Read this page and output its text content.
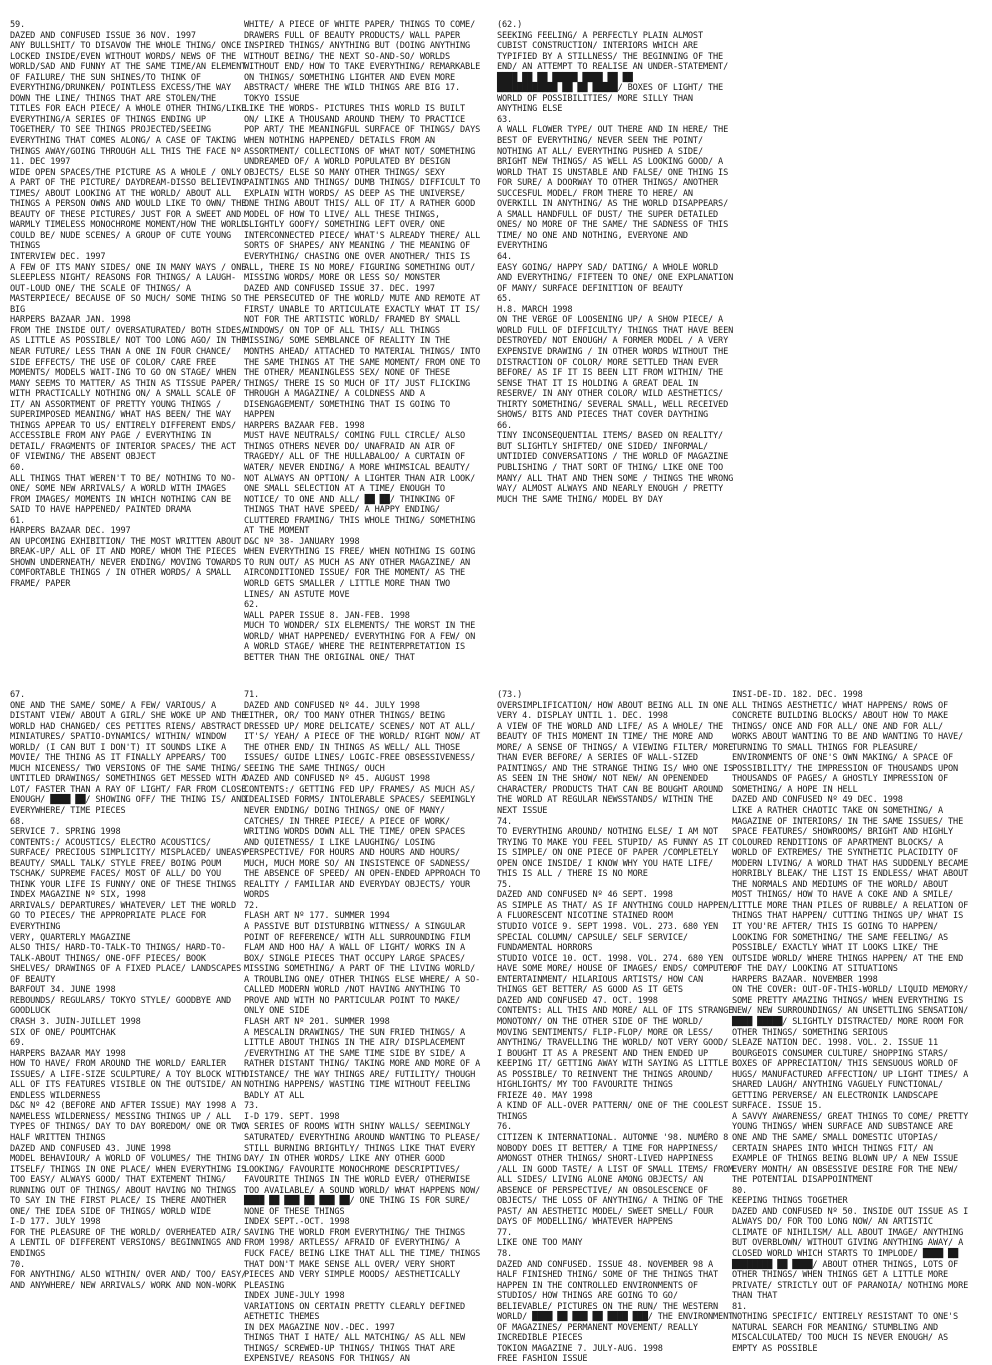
59.
DAZED AND CONFUSED ISSUE 36 NOV. 1997
ANY BULLSHIT/ TO DISAVOW THE WHOLE THING/ ONCE LOCKED INSIDE/EVEN WITHOUT WORDS/ NEWS OF THE WORLD/SAD AND FUNNY AT THE SAME TIME/AN ELEMENT OF FAILURE/ THE SUN SHINES/TO THINK OF EVERYTHING/DRUNKEN/ POINTLESS EXCESS/THE WAY DOWN THE LINE/ THINGS THAT ARE STOLEN/THE TITLES FOR EACH PIECE/ A WHOLE OTHER THING/LIKE EVERYTHING/A SERIES OF THINGS ENDING UP TOGETHER/ TO SEE THINGS PROJECTED/SEEING EVERYTHING THAT COMES ALONG/ A CASE OF TAKING THINGS AWAY/GOING THROUGH ALL THIS THE FACE Nº 11. DEC 1997
WIDE OPEN SPACES/THE PICTURE AS A WHOLE / ONLY A PART OF THE PICTURE/ DAYDREAM-DISSO BELIEVING TIMES/ ABOUT LOOKING AT THE WORLD/ ABOUT ALL THINGS A PERSON OWNS AND WOULD LIKE TO OWN/ THE BEAUTY OF THESE PICTURES/ JUST FOR A SWEET AND WARMLY TIMELESS MONOCHROME MOMENT/HOW THE WORLD COULD BE/ NUDE SCENES/ A GROUP OF CUTE YOUNG THINGS
INTERVIEW DEC. 1997
A FEW OF ITS MANY SIDES/ ONE IN MANY WAYS / ONE SLEEPLESS NIGHT/ REASONS FOR THINGS/ A LAUGH-OUT-LOUD ONE/ THE SCALE OF THINGS/ A MASTERPIECE/ BECAUSE OF SO MUCH/ SOME THING SO BIG
HARPERS BAZAAR JAN. 1998
FROM THE INSIDE OUT/ OVERSATURATED/ BOTH SIDES/ AS LITTLE AS POSSIBLE/ NOT TOO LONG AGO/ IN THE NEAR FUTURE/ LESS THAN A ONE IN FOUR CHANCE/ SIDE EFFECTS/ THE USE OF COLOR/ CARE FREE MOMENTS/ MODELS WAIT-ING TO GO ON STAGE/ WHEN MANY SEEMS TO MATTER/ AS THIN AS TISSUE PAPER/ WITH PRACTICALLY NOTHING ON/ A SMALL SCALE OF IT/ AN ASSORTMENT OF PRETTY YOUNG THINGS / SUPERIMPOSED MEANING/ WHAT HAS BEEN/ THE WAY THINGS APPEAR TO US/ ENTIRELY DIFFERENT ENDS/ ACCESSIBLE FROM ANY PAGE / EVERYTHING IN DETAIL/ FRAGMENTS OF INTERIOR SPACES/ THE ACT OF VIEWING/ THE ABSENT OBJECT
60.
ALL THINGS THAT WEREN'T TO BE/ NOTHING TO NO-ONE/ SOME NEW ARRIVALS/ A WORLD WITH IMAGES FROM IMAGES/ MOMENTS IN WHICH NOTHING CAN BE SAID TO HAVE HAPPENED/ PAINTED DRAMA
61.
HARPERS BAZAAR DEC. 1997
AN UPCOMING EXHIBITION/ THE MOST WRITTEN ABOUT BREAK-UP/ ALL OF IT AND MORE/ WHOM THE PIECES SHOWN UNDERNEATH/ NEVER ENDING/ MOVING TOWARDS COMFORTABLE THINGS / IN OTHER WORDS/ A SMALL FRAME/ PAPER

WHITE/ A PIECE OF WHITE PAPER/ THINGS TO COME/ DRAWERS FULL OF BEAUTY PRODUCTS/ WALL PAPER INSPIRED THINGS/ ANYTHING BUT (DOING ANYTHING WITHOUT BEING/ THE NEXT SO-AND-SO/ WORLDS WITHOUT END/ HOW TO TAKE EVERYTHING/ REMARKABLE ON THINGS/ SOMETHING LIGHTER AND EVEN MORE ABSTRACT/ WHERE THE WILD THINGS ARE BIG 17. TOKYO ISSUE
LIKE THE WORDS- PICTURES THIS WORLD IS BUILT ON/ LIKE A THOUSAND AROUND THEM/ TO PRACTICE POP ART/ THE MEANINGFUL SURFACE OF THINGS/ DAYS WHEN NOTHING HAPPENED/ DETAILS FROM AN ASSORTMENT/ COLLECTIONS OF WHAT NOT/ SOMETHING UNDREAMED OF/ A WORLD POPULATED BY DESIGN OBJECTS/ ELSE SO MANY OTHER THINGS/ SEXY PAINTINGS AND THINGS/ DUMB THINGS/ DIFFICULT TO EXPLAIN WITH WORDS/ AS DEEP AS THE UNIVERSE/ ONE THING ABOUT THIS/ ALL OF IT/ A RATHER GOOD MODEL OF HOW TO LIVE/ ALL THESE THINGS, SLIGHTLY GOOFY/ SOMETHING LEFT OVER/ ONE INTERCONNECTED PIECE/ WHAT'S ALREADY THERE/ ALL SORTS OF SHAPES/ ANY MEANING / THE MEANING OF EVERYTHING/ CHASING ONE OVER ANOTHER/ THIS IS ALL, THERE IS NO MORE/ FIGURING SOMETHING OUT/ MISSING WORDS/ MORE OR LESS SO/ MONSTER
DAZED AND CONFUSED ISSUE 37. DEC. 1997
THE PERSECUTED OF THE WORLD/ MUTE AND REMOTE AT FIRST/ UNABLE TO ARTICULATE EXACTLY WHAT IT IS/ NOT FOR THE ARTISTIC WORLD/ FRAMED BY SMALL WINDOWS/ ON TOP OF ALL THIS/ ALL THINGS MISSING/ SOME SEMBLANCE OF REALITY IN THE MONTHS AHEAD/ ATTACHED TO MATERIAL THINGS/ INTO THE SAME THINGS AT THE SAME MOMENT/ FROM ONE TO THE OTHER/ MEANINGLESS SEX/ NONE OF THESE THINGS/ THERE IS SO MUCH OF IT/ JUST FLICKING THROUGH A MAGAZINE/ A COLDNESS AND A DISENGAGEMENT/ SOMETHING THAT IS GOING TO HAPPEN
HARPERS BAZAAR FEB. 1998
MUST HAVE NEUTRALS/ COMING FULL CIRCLE/ ALSO THINGS OTHERS NEVER DO/ UNAFRAID AN AIR OF TRAGEDY/ ALL OF THE HULLABALOO/ A CURTAIN OF WATER/ NEVER ENDING/ A MORE WHIMSICAL BEAUTY/ NOT ALWAYS AN OPTION/ A LIGHTER THAN AIR LOOK/ ONE SMALL SELECTION AT A TIME/ ENOUGH TO NOTICE/ TO ONE AND ALL/ ██ ██/ THINKING OF THINGS THAT HAVE SPEED/ A HAPPY ENDING/ CLUTTERED FRAMING/ THIS WHOLE THING/ SOMETHING AT THE MOMENT
D&C Nº 38- JANUARY 1998
WHEN EVERYTHING IS FREE/ WHEN NOTHING IS GOING TO RUN OUT/ AS MUCH AS ANY OTHER MAGAZINE/ AN AIRCONDITIONED ISSUE/ FOR THE MOMENT/ AS THE WORLD GETS SMALLER / LITTLE MORE THAN TWO LINES/ AN ASTUTE MOVE
62.
WALL PAPER ISSUE 8. JAN-FEB. 1998
MUCH TO WONDER/ SIX ELEMENTS/ THE WORST IN THE WORLD/ WHAT HAPPENED/ EVERYTHING FOR A FEW/ ON A WORLD STAGE/ WHERE THE REINTERPRETATION IS BETTER THAN THE ORIGINAL ONE/ THAT

(62.)
SEEKING FEELING/ A PERFECTLY PLAIN ALMOST CUBIST CONSTRUCTION/ INTERIORS WHICH ARE TYPIFIED BY A STILLNESS/ THE BEGINNING OF THE END/ AN ATTEMPT TO REALISE AN UNDER-STATEMENT/ ████ ██ ██ █████ ████ ██ ██
████████████ ██ ██ █████/ BOXES OF LIGHT/ THE WORLD OF POSSIBILITIES/ MORE SILLY THAN ANYTHING ELSE
63.
A WALL FLOWER TYPE/ OUT THERE AND IN HERE/ THE BEST OF EVERYTHING/ NEVER SEEN THE POINT/ NOTHING AT ALL/ EVERYTHING PUSHED A SIDE/ BRIGHT NEW THINGS/ AS WELL AS LOOKING GOOD/ A WORLD THAT IS UNSTABLE AND FALSE/ ONE THING IS FOR SURE/ A DOORWAY TO OTHER THINGS/ ANOTHER SUCCESFUL MODEL/ FROM THERE TO HERE/ AN OVERKILL IN ANYTHING/ AS THE WORLD DISAPPEARS/ A SMALL HANDFULL OF DUST/ THE SUPER DETAILED ONES/ NO MORE OF THE SAME/ THE SADNESS OF THIS TIME/ NO ONE AND NOTHING, EVERYONE AND EVERYTHING
64.
EASY GOING/ HAPPY SAD/ DATING/ A WHOLE WORLD AND EVERYTHING/ FIFTEEN TO ONE/ ONE EXPLANATION OF MANY/ SURFACE DEFINITION OF BEAUTY
65.
H.8. MARCH 1998
ON THE VERGE OF LOOSENING UP/ A SHOW PIECE/ A WORLD FULL OF DIFFICULTY/ THINGS THAT HAVE BEEN DESTROYED/ NOT ENOUGH/ A FORMER MODEL / A VERY EXPENSIVE DRAWING / IN OTHER WORDS WITHOUT THE DISTRACTION OF COLOR/ MORE SETTLED THAN EVER BEFORE/ AS IF IT IS BEEN LIT FROM WITHIN/ THE SENSE THAT IT IS HOLDING A GREAT DEAL IN RESERVE/ IN ANY OTHER COLOR/ WILD AESTHETICS/ THIRTY SOMETHING/ SEVERAL SMALL, WELL RECEIVED SHOWS/ BITS AND PIECES THAT COVER DAYTHING
66.
TINY INCONSEQUENTIAL ITEMS/ BASED ON REALITY/ BUT SLIGHTLY SHIFTED/ ONE SIDED/ INFORMAL/ UNTIDIED CONVERSATIONS / THE WORLD OF MAGAZINE PUBLISHING / THAT SORT OF THING/ LIKE ONE TOO MANY/ ALL THAT AND THEN SOME / THINGS THE WRONG WAY/ ALMOST ALWAYS AND NEARLY ENOUGH / PRETTY MUCH THE SAME THING/ MODEL BY DAY

67.
ONE AND THE SAME/ SOME/ A FEW/ VARIOUS/ A DISTANT VIEW/ ABOUT A GIRL/ SHE WOKE UP AND THE WORLD HAD CHANGED/ CES PETITES RIENS/ ABSTRACT MINIATURES/ SPATIO-DYNAMICS/ WITHIN/ WINDOW WORLD/ (I CAN BUT I DON'T) IT SOUNDS LIKE A MOVIE/ THE THING AS IT FINALLY APPEARS/ TOO MUCH NICENESS/ TWO VERSIONS OF THE SAME THING/ UNTITLED DRAWINGS/ SOMETHINGS GET MESSED WITH A LOT/ FASTER THAN A RAY OF LIGHT/ FAR FROM CLOSE ENOUGH/ ████ ██/ SHOWING OFF/ THE THING IS/ AND EVERYWHERE/ TIME PIECES
68.
SERVICE 7. SPRING 1998
CONTENTS:/ ACOUSTICS/ ELECTRO ACOUSTICS/ SURFACE/ PRECIOUS SIMPLICITY/ MISPLACED/ UNEASY BEAUTY/ SMALL TALK/ STYLE FREE/ BOING POUM TSCHAK/ SUPREME FACES/ MOST OF ALL/ DO YOU THINK YOUR LIFE IS FUNNY/ ONE OF THESE THINGS
INDEX MAGAZINE Nº SIX, 1998
ARRIVALS/ DEPARTURES/ WHATEVER/ LET THE WORLD GO TO PIECES/ THE APPROPRIATE PLACE FOR EVERYTHING
VERY, QUARTERLY MAGAZINE
ALSO THIS/ HARD-TO-TALK-TO THINGS/ HARD-TO-TALK-ABOUT THINGS/ ONE-OFF PIECES/ BOOK SHELVES/ DRAWINGS OF A FIXED PLACE/ LANDSCAPES OF BEAUTY
BARFOUT 34. JUNE 1998
REBOUNDS/ REGULARS/ TOKYO STYLE/ GOODBYE AND GOODLUCK
CRASH 3. JUIN-JUILLET 1998
SIX OF ONE/ POUMTCHAK
69.
HARPERS BAZAAR MAY 1998
HOW TO HAVE/ FROM AROUND THE WORLD/ EARLIER ISSUES/ A LIFE-SIZE SCULPTURE/ A TOY BLOCK WITH ALL OF ITS FEATURES VISIBLE ON THE OUTSIDE/ AN ENDLESS WILDERNESS
D&C Nº 42 (BEFORE AND AFTER ISSUE) MAY 1998 A NAMELESS WILDERNESS/ MESSING THINGS UP / ALL TYPES OF THINGS/ DAY TO DAY BOREDOM/ ONE OR TWO HALF WRITTEN THINGS
DAZED AND CONFUSED 43. JUNE 1998
MODEL BEHAVIOUR/ A WORLD OF VOLUMES/ THE THING ITSELF/ THINGS IN ONE PLACE/ WHEN EVERYTHING IS TOO EASY/ ALWAYS GOOD/ THAT EXTEMENT THING/ RUNNING OUT OF THINGS/ ABOUT HAVING NO THINGS TO SAY IN THE FIRST PLACE/ IS THERE ANOTHER ONE/ THE IDEA SIDE OF THINGS/ WORLD WIDE
I-D 177. JULY 1998
FOR THE PLEASURE OF THE WORLD/ OVERHEATED AIR/ A LENTIL OF DIFFERENT VERSIONS/ BEGINNINGS AND ENDINGS
70.
FOR ANYTHING/ ALSO WITHIN/ OVER AND/ TOO/ EASY/ AND ANYWHERE/ NEW ARRIVALS/ WORK AND NON-WORK

71.
DAZED AND CONFUSED Nº 44. JULY 1998
EITHER, OR/ TOO MANY OTHER THINGS/ BEING DRESSED UP/ MORE DELICATE/ SCENES/ NOT AT ALL/ IT'S/ YEAH/ A PIECE OF THE WORLD/ RIGHT NOW/ AT THE OTHER END/ IN THINGS AS WELL/ ALL THOSE ISSUES/ GUIDE LINES/ LOGIC-FREE OBSESSIVENESS/ SEEING THE SAME THINGS/ OUCH
DAZED AND CONFUSED Nº 45. AUGUST 1998
CONTENTS:/ GETTING FED UP/ FRAMES/ AS MUCH AS/ IDEALISED FORMS/ INTOLERABLE SPACES/ SEEMINGLY NEVER ENDING/ DOING THINGS/ ONE OF MANY/ CATCHES/ IN THREE PIECE/ A PIECE OF WORK/ WRITING WORDS DOWN ALL THE TIME/ OPEN SPACES AND QUIETNESS/ I LIKE LAUGHING/ LOSING PERSPECTIVE/ FOR HOURS AND HOURS AND HOURS/ MUCH, MUCH MORE SO/ AN INSISTENCE OF SADNESS/ THE ABSENCE OF SPEED/ AN OPEN-ENDED APPROACH TO REALITY / FAMILIAR AND EVERYDAY OBJECTS/ YOUR WORDS
72.
FLASH ART Nº 177. SUMMER 1994
A PASSIVE BUT DISTURBING WITNESS/ A SINGULAR POINT OF REFERENCE/ WITH ALL SURROUNDING FILM FLAM AND HOO HA/ A WALL OF LIGHT/ WORKS IN A BOX/ SINGLE PIECES THAT OCCUPY LARGE SPACES/ MISSING SOMETHING/ A PART OF THE LIVING WORLD/ A TROUBLING ONE/ OTHER THINGS ELSE WHERE/ A SO-CALLED MODERN WORLD /NOT HAVING ANYTHING TO PROVE AND WITH NO PARTICULAR POINT TO MAKE/ ONLY ONE SIDE
FLASH ART Nº 201. SUMMER 1998
A MESCALIN DRAWINGS/ THE SUN FRIED THINGS/ A LITTLE ABOUT THINGS IN THE AIR/ DISPLACEMENT /EVERYTHING AT THE SAME TIME SIDE BY SIDE/ A RATHER DISTANT THING/ TAKING MORE AND MORE OF A DISTANCE/ THE WAY THINGS ARE/ FUTILITY/ THOUGH NOTHING HAPPENS/ WASTING TIME WITHOUT FEELING BADLY AT ALL
73.
I-D 179. SEPT. 1998
A SERIES OF ROOMS WITH SHINY WALLS/ SEEMINGLY SATURATED/ EVERYTHING AROUND WANTING TO PLEASE/ STILL BURNING BRIGHTLY/ THINGS LIKE THAT EVERY DAY/ IN OTHER WORDS/ LIKE ANY OTHER GOOD LOOKING/ FAVOURITE MONOCHROME DESCRIPTIVES/ FAVOURITE THINGS IN THE WORLD EVER/ OTHERWISE TOO AVAILABLE/ A SOUND WORLD/ WHAT HAPPENS NOW/ ████ ██ ███ ██ ███ ██/ ONE THING IS FOR SURE/ NONE OF THESE THINGS
INDEX SEPT.-OCT. 1998
SAVING THE WORLD FROM EVERYTHING/ THE THINGS FROM 1998/ ARTLESS/ AFRAID OF EVERYTHING/ A FUCK FACE/ BEING LIKE THAT ALL THE TIME/ THINGS THAT DON'T MAKE SENSE ALL OVER/ VERY SHORT PIECES AND VERY SIMPLE MOODS/ AESTHETICALLY PLEASING
INDEX JUNE-JULY 1998
VARIATIONS ON CERTAIN PRETTY CLEARLY DEFINED AETHETIC THEMES
IN DEX MAGAZINE NOV.-DEC. 1997
THINGS THAT I HATE/ ALL MATCHING/ AS ALL NEW THINGS/ SCREWED-UP THINGS/ THINGS THAT ARE EXPENSIVE/ REASONS FOR THINGS/ AN

(73.)
OVERSIMPLIFICATION/ HOW ABOUT BEING ALL IN ONE VERY 4. DISPLAY UNTIL 1. DEC. 1998
A VIEW OF THE WORLD AND LIFE/ AS A WHOLE/ THE BEAUTY OF THIS MOMENT IN TIME/ THE MORE AND MORE/ A SENSE OF THINGS/ A VIEWING FILTER/ MORE THAN EVER BEFORE/ A SERIES OF WALL-SIZED PAINTINGS/ AND THE STRANGE THING IS/ WHO ONE IS AS SEEN IN THE SHOW/ NOT NEW/ AN OPENENDED CHARACTER/ PRODUCTS THAT CAN BE BOUGHT AROUND THE WORLD AT REGULAR NEWSSTANDS/ WITHIN THE NEXT ISSUE
74.
TO EVERYTHING AROUND/ NOTHING ELSE/ I AM NOT TRYING TO MAKE YOU FEEL STUPID/ AS FUNNY AS IT IS SIMPLE/ ON ONE PIECE OF PAPER /COMPLETELY OPEN ONCE INSIDE/ I KNOW WHY YOU HATE LIFE/ THIS IS ALL / THERE IS NO MORE
75.
DAZED AND CONFUSED Nº 46 SEPT. 1998
AS SIMPLE AS THAT/ AS IF ANYTHING COULD HAPPEN/ A FLUORESCENT NICOTINE STAINED ROOM
STUDIO VOICE 9. SEPT 1998. VOL. 273. 680 YEN SPECIAL COLUMN/ CAPSULE/ SELF SERVICE/ FUNDAMENTAL HORRORS
STUDIO VOICE 10. OCT. 1998. VOL. 274. 680 YEN HAVE SOME MORE/ HOUSE OF IMAGES/ ENDS/ COMPUTER ENTERTAINMENT/ HILARIOUS ARTISTS/ HOW CAN THINGS GET BETTER/ AS GOOD AS IT GETS
DAZED AND CONFUSED 47. OCT. 1998
CONTENTS: ALL THIS AND MORE/ ALL OF ITS STRANGE MONOTONY/ ON THE OTHER SIDE OF THE WORLD/ MOVING SENTIMENTS/ FLIP-FLOP/ MORE OR LESS/ ANYTHING/ TRAVELLING THE WORLD/ NOT VERY GOOD/ I BOUGHT IT AS A PRESENT AND THEN ENDED UP KEEPING IT/ GETTING AWAY WITH SAYING AS LITTLE AS POSSIBLE/ TO REINVENT THE THINGS AROUND/ HIGHLIGHTS/ MY TOO FAVOURITE THINGS
FRIEZE 40. MAY 1998
A KIND OF ALL-OVER PATTERN/ ONE OF THE COOLEST THINGS
76.
CITIZEN K INTERNATIONAL. AUTOMNE '98. NUMÉRO 8 NOBODY DOES IT BETTER/ A TIME FOR HAPPINESS/ AMONGST OTHER THINGS/ SHORT-LIVED HAPPINESS /ALL IN GOOD TASTE/ A LIST OF SMALL ITEMS/ FROM ALL SIDES/ LIVING ALONE AMONG OBJECTS/ AN ABSENCE OF PERSPECTIVE/ AN OBSOLESCENCE OF OBJECTS/ THE LOSS OF ANYTHING/ A THING OF THE PAST/ AN AESTHETIC MODEL/ SWEET SMELL/ FOUR DAYS OF MODELLING/ WHATEVER HAPPENS
77.
LIKE ONE TOO MANY
78.
DAZED AND CONFUSED. ISSUE 48. NOVEMBER 98 A HALF FINISHED THING/ SOME OF THE THINGS THAT HAPPEN IN THE CONTROLLED ENVIRONMENTS OF STUDIOS/ HOW THINGS ARE GOING TO GO/ BELIEVABLE/ PICTURES ON THE RUN/ THE WESTERN WORLD/ ████ ██ ███ ██ ████ ███/ THE ENVIRONMENT OF MAGAZINES/ PERMANENT MOVEMENT/ REALLY INCREDIBLE PIECES
TOKION MAGAZINE 7. JULY-AUG. 1998
FREE FASHION ISSUE

INSI-DE-ID. 182. DEC. 1998
ALL THINGS AESTHETIC/ WHAT HAPPENS/ ROWS OF CONCRETE BUILDING BLOCKS/ ABOUT HOW TO MAKE THINGS/ ONCE AND FOR ALL/ ONE AND FOR ALL/ WORKS ABOUT WANTING TO BE AND WANTING TO HAVE/ TURNING TO SMALL THINGS FOR PLEASURE/ ENVIRONMENTS OF ONE'S OWN MAKING/ A SPACE OF POSSIBILITY/ THE IMPRESSION OF THOUSANDS UPON THOUSANDS OF PAGES/ A GHOSTLY IMPRESSION OF SOMETHING/ A HOPE IN HELL
DAZED AND CONFUSED Nº 49 DEC. 1998
LIKE A RATHER CHAOTIC TAKE ON SOMETHING/ A MAGAZINE OF INTERIORS/ IN THE SAME ISSUES/ THE SPACE FEATURES/ SHOWROOMS/ BRIGHT AND HIGHLY COLOURED RENDITIONS OF APARTMENT BLOCKS/ A WORLD OF EXTREMES/ THE SYNTHETIC PLACIDITY OF MODERN LIVING/ A WORLD THAT HAS SUDDENLY BECAME HORRIBLY BLEAK/ THE LIST IS ENDLESS/ WHAT ABOUT THE NORMALS AND MEDIUMS OF THE WORLD/ ABOUT MOST THINGS/ HOW TO HAVE A COKE AND A SMILE/ LITTLE MORE THAN PILES OF RUBBLE/ A RELATION OF THINGS THAT HAPPEN/ CUTTING THINGS UP/ WHAT IS IT YOU'RE AFTER/ THIS IS GOING TO HAPPEN/ LOOKING FOR SOMETHING/ THE SAME FEELING/ AS POSSIBLE/ EXACTLY WHAT IT LOOKS LIKE/ THE OUTSIDE WORLD/ WHERE THINGS HAPPEN/ AT THE END OF THE DAY/ LOOKING AT SITUATIONS
HARPERS BAZAAR. NOVEMBER 1998
ON THE COVER: OUT-OF-THIS-WORLD/ LIQUID MEMORY/ SOME PRETTY AMAZING THINGS/ WHEN EVERYTHING IS NEW/ NEW SURROUNDINGS/ AN UNSETTLING SENSATION/ ████ █████/ SLIGHTLY DISTRACTED/ MORE ROOM FOR OTHER THINGS/ SOMETHING SERIOUS
SLEAZE NATION DEC. 1998. VOL. 2. ISSUE 11 BOURGEOIS CONSUMER CULTURE/ SHOPPING STARS/ BOXES OF APPRECIATION/ THIS SENSUOUS WORLD OF HUGS/ MANUFACTURED AFFECTION/ UP LIGHT TIMES/ A SHARED LAUGH/ ANYTHING VAGUELY FUNCTIONAL/ GETTING PERVERSE/ AN ELECTRONIK LANDSCAPE
SURFACE. ISSUE 15.
A SAVVY AWARENESS/ GREAT THINGS TO COME/ PRETTY YOUNG THINGS/ WHEN SURFACE AND SUBSTANCE ARE ONE AND THE SAME/ SMALL DOMESTIC UTOPIAS/ CERTAIN SHAPES INTO WHICH THINGS FIT/ AN EXAMPLE OF THINGS BEING BLOWN UP/ A NEW ISSUE EVERY MONTH/ AN OBSESSIVE DESIRE FOR THE NEW/ THE POTENTIAL DISAPPOINTMENT
80.
KEEPING THINGS TOGETHER
DAZED AND CONFUSED Nº 50. INSIDE OUT ISSUE AS I ALWAYS DO/ FOR TOO LONG NOW/ AN ARTISTIC CLIMATE OF NIHILISM/ ALL ABOUT IMAGE/ ANYTHING BUT OVERBLOWN/ WITHOUT GIVING ANYTHING AWAY/ A CLOSED WORLD WHICH STARTS TO IMPLODE/ ████ ██ ████████ ██ ████/ ABOUT OTHER THINGS, LOTS OF OTHER THINGS/ WHEN THINGS GET A LITTLE MORE PRIVATE/ STRICTLY OUT OF PARANOIA/ NOTHING MORE THAN THAT
81.
NOTHING SPECIFIC/ ENTIRELY RESISTANT TO ONE'S NATURAL SEARCH FOR MEANING/ STUMBLING AND MISCALCULATED/ TOO MUCH IS NEVER ENOUGH/ AS EMPTY AS POSSIBLE
